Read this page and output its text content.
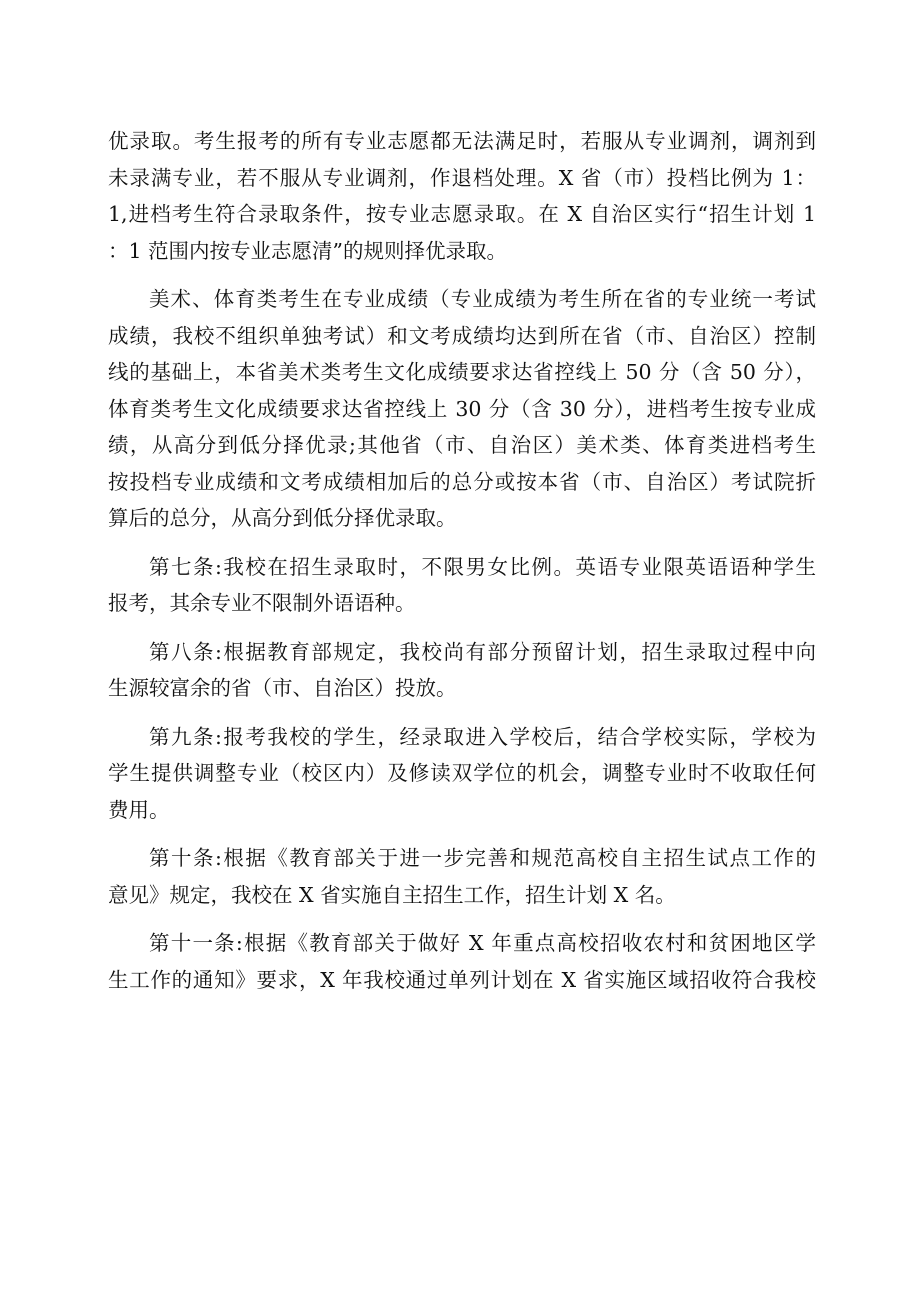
优录取。考生报考的所有专业志愿都无法满足时，若服从专业调剂，调剂到
未录满专业，若不服从专业调剂，作退档处理。X 省（市）投档比例为 1：
1,进档考生符合录取条件，按专业志愿录取。在 X 自治区实行“招生计划 1
：1 范围内按专业志愿清”的规则择优录取。
美术、体育类考生在专业成绩（专业成绩为考生所在省的专业统一考试
成绩，我校不组织单独考试）和文考成绩均达到所在省（市、自治区）控制
线的基础上，本省美术类考生文化成绩要求达省控线上 50 分（含 50 分），
体育类考生文化成绩要求达省控线上 30 分（含 30 分），进档考生按专业成
绩，从高分到低分择优录;其他省（市、自治区）美术类、体育类进档考生
按投档专业成绩和文考成绩相加后的总分或按本省（市、自治区）考试院折
算后的总分，从高分到低分择优录取。
第七条:我校在招生录取时，不限男女比例。英语专业限英语语种学生
报考，其余专业不限制外语语种。
第八条:根据教育部规定，我校尚有部分预留计划，招生录取过程中向
生源较富余的省（市、自治区）投放。
第九条:报考我校的学生，经录取进入学校后，结合学校实际，学校为
学生提供调整专业（校区内）及修读双学位的机会，调整专业时不收取任何
费用。
第十条:根据《教育部关于进一步完善和规范高校自主招生试点工作的
意见》规定，我校在 X 省实施自主招生工作，招生计划 X 名。
第十一条:根据《教育部关于做好 X 年重点高校招收农村和贫困地区学
生工作的通知》要求，X 年我校通过单列计划在 X 省实施区域招收符合我校
